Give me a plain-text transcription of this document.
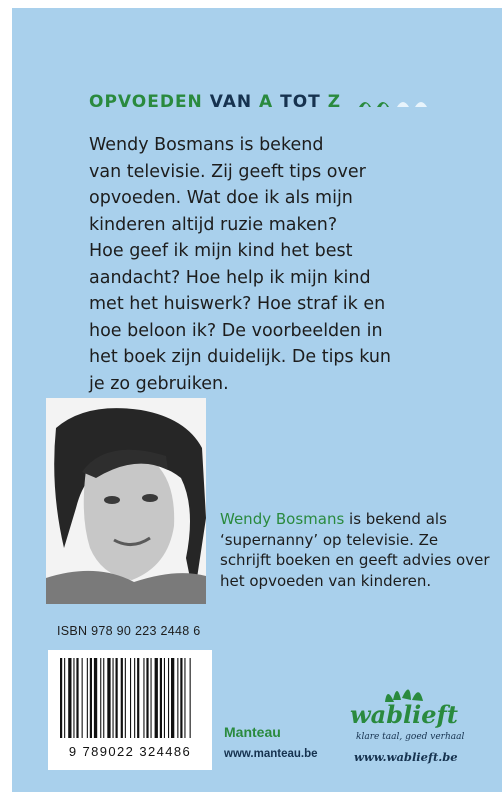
OPVOEDEN VAN A TOT Z
Wendy Bosmans is bekend
van televisie. Zij geeft tips over
opvoeden. Wat doe ik als mijn
kinderen altijd ruzie maken?
Hoe geef ik mijn kind het best
aandacht? Hoe help ik mijn kind
met het huiswerk? Hoe straf ik en
hoe beloon ik? De voorbeelden in
het boek zijn duidelijk. De tips kun
je zo gebruiken.
Wendy Bosmans is bekend als ‘supernanny’ op televisie. Ze schrijft boeken en geeft advies over het opvoeden van kinderen.
ISBN 978 90 223 2448 6
9 789022 324486
Manteau
www.manteau.be
wablieft
klare taal, goed verhaal
www.wablieft.be
